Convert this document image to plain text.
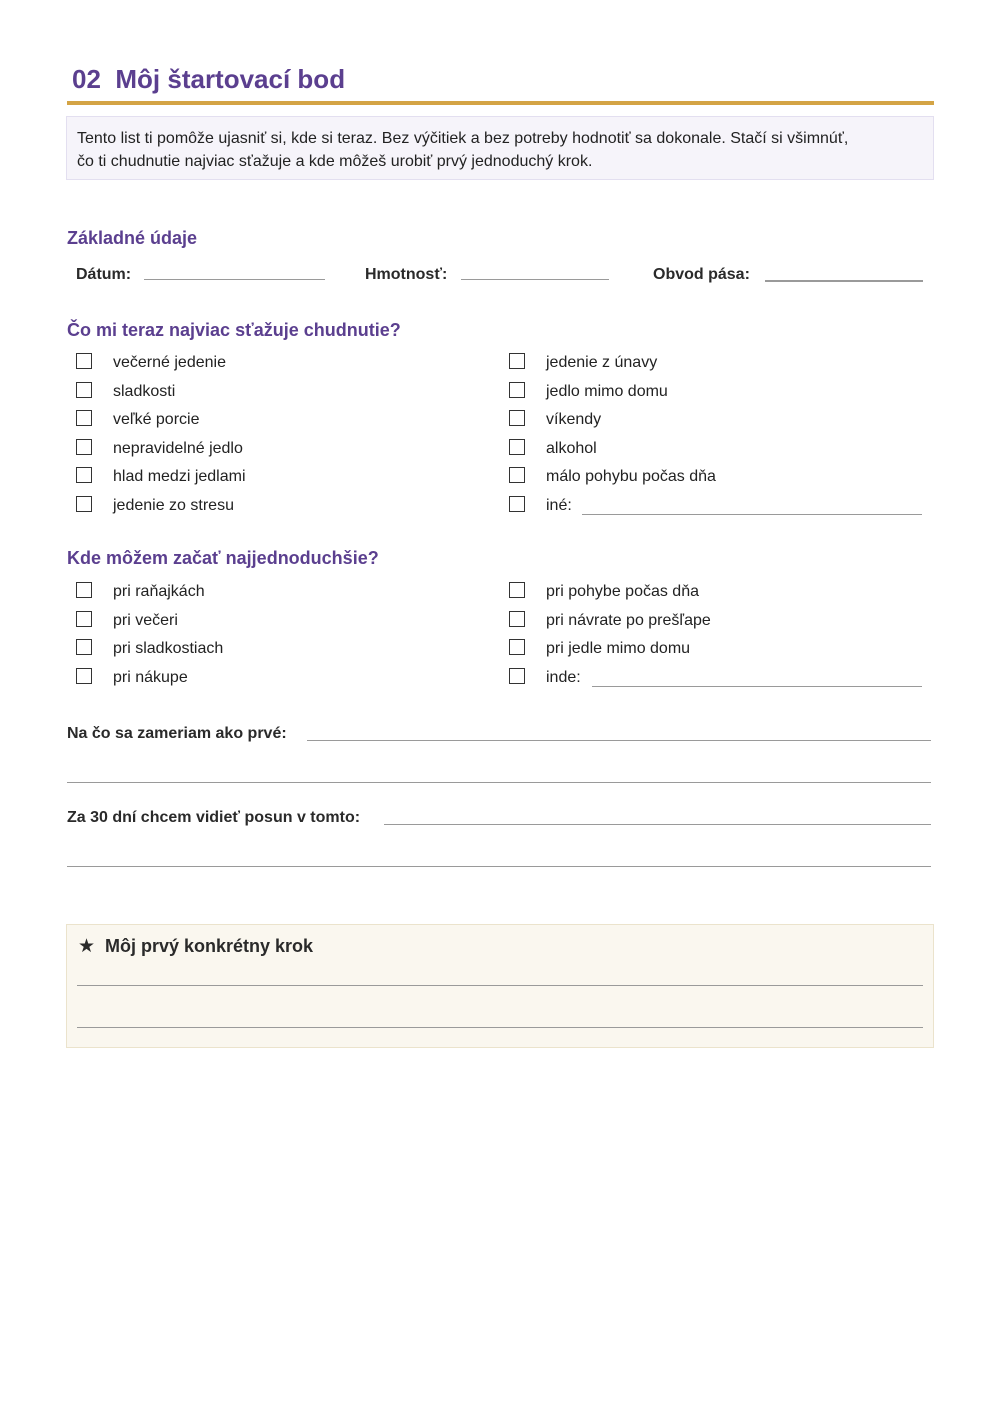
02 Môj štartovací bod
Tento list ti pomôže ujasniť si, kde si teraz. Bez výčitiek a bez potreby hodnotiť sa dokonale. Stačí si všimnúť,
čo ti chudnutie najviac sťažuje a kde môžeš urobiť prvý jednoduchý krok.
Základné údaje
Dátum:	Hmotnosť:	Obvod pása:
Čo mi teraz najviac sťažuje chudnutie?
večerné jedenie
sladkosti
veľké porcie
nepravidelné jedlo
hlad medzi jedlami
jedenie zo stresu
jedenie z únavy
jedlo mimo domu
víkendy
alkohol
málo pohybu počas dňa
iné:
Kde môžem začať najjednoduchšie?
pri raňajkách
pri večeri
pri sladkostiach
pri nákupe
pri pohybe počas dňa
pri návrate po prešľape
pri jedle mimo domu
inde:
Na čo sa zameriam ako prvé:
Za 30 dní chcem vidieť posun v tomto:
★ Môj prvý konkrétny krok
